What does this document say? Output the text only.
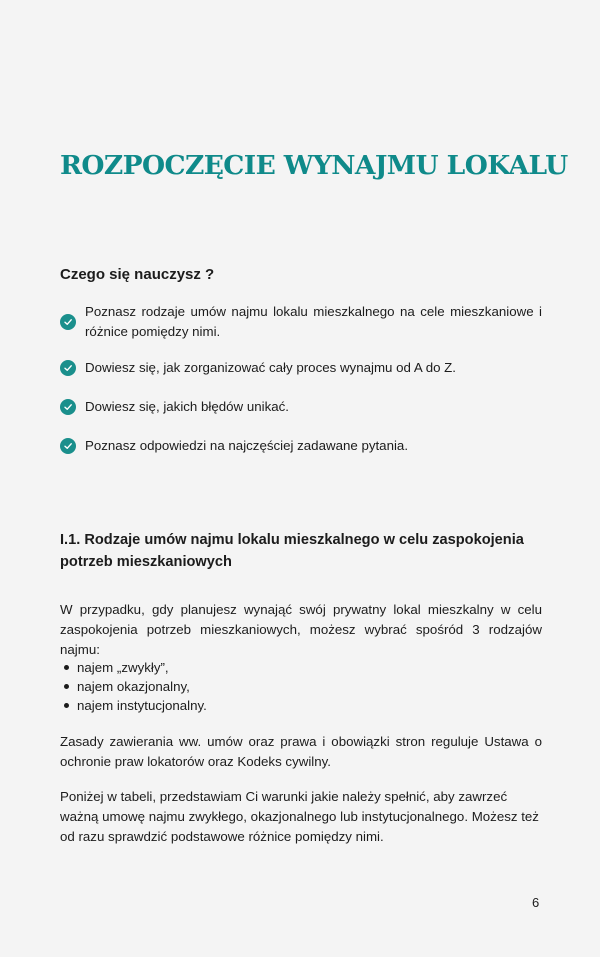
ROZPOCZĘCIE WYNAJMU LOKALU
Czego się nauczysz ?
Poznasz rodzaje umów najmu lokalu mieszkalnego na cele mieszkaniowe i różnice pomiędzy nimi.
Dowiesz się, jak zorganizować cały proces wynajmu od A do Z.
Dowiesz się, jakich błędów unikać.
Poznasz odpowiedzi na najczęściej zadawane pytania.
I.1. Rodzaje umów najmu lokalu mieszkalnego w celu zaspokojenia potrzeb mieszkaniowych

W przypadku, gdy planujesz wynająć swój prywatny lokal mieszkalny w celu zaspokojenia potrzeb mieszkaniowych, możesz wybrać spośród 3 rodzajów najmu:

najem „zwykły”,
najem okazjonalny,
najem instytucjonalny.

Zasady zawierania ww. umów oraz prawa i obowiązki stron reguluje Ustawa o ochronie praw lokatorów oraz Kodeks cywilny.

Poniżej w tabeli, przedstawiam Ci warunki jakie należy spełnić, aby zawrzeć ważną umowę najmu zwykłego, okazjonalnego lub instytucjonalnego. Możesz też od razu sprawdzić podstawowe różnice pomiędzy nimi.

6
